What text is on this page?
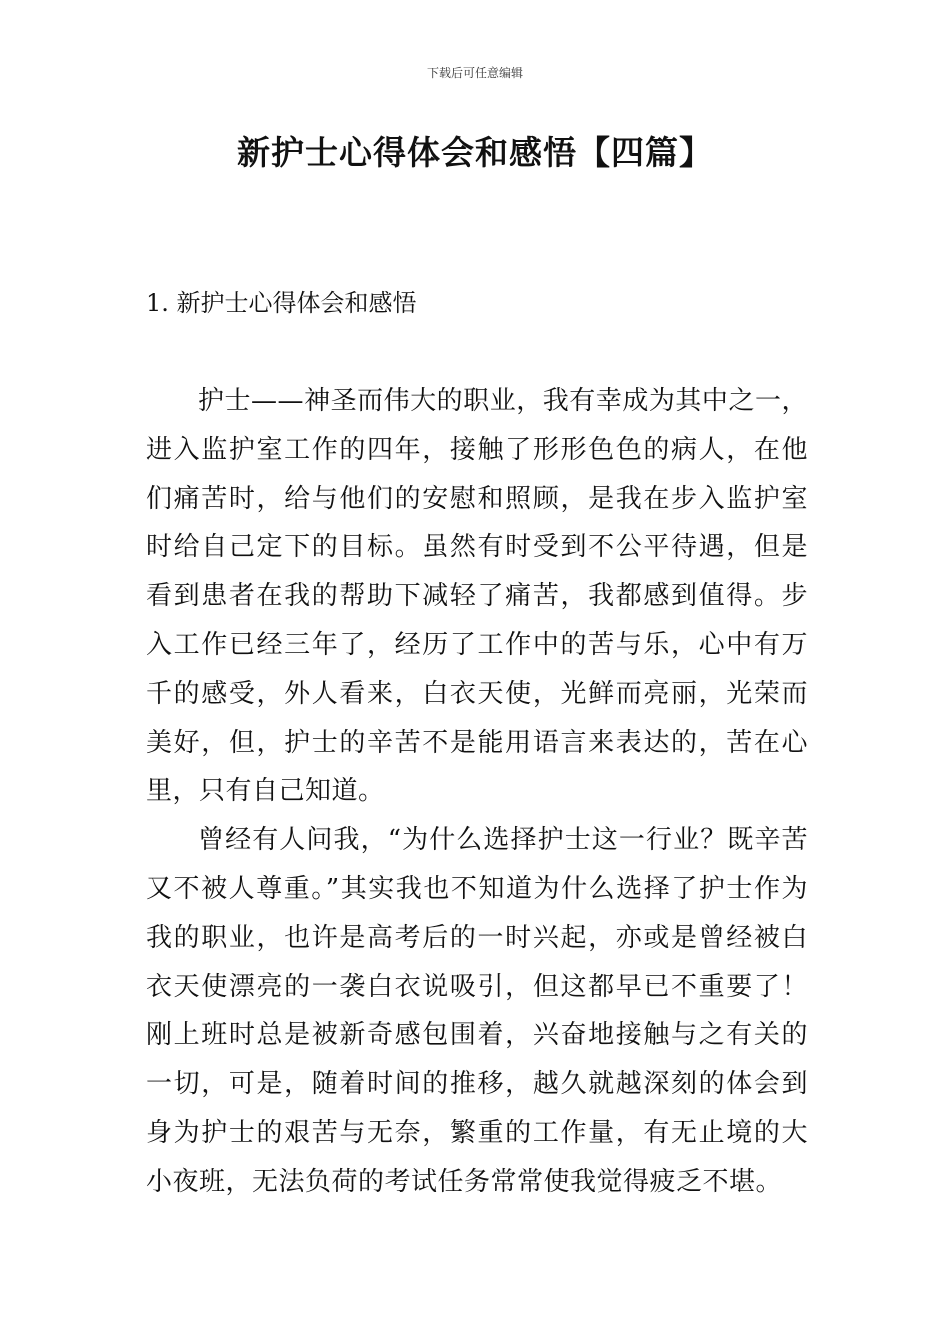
下载后可任意编辑
新护士心得体会和感悟【四篇】
1. 新护士心得体会和感悟

护士——神圣而伟大的职业，我有幸成为其中之一，进入监护室工作的四年，接触了形形色色的病人，在他们痛苦时，给与他们的安慰和照顾，是我在步入监护室时给自己定下的目标。虽然有时受到不公平待遇，但是看到患者在我的帮助下减轻了痛苦，我都感到值得。步入工作已经三年了，经历了工作中的苦与乐，心中有万千的感受，外人看来，白衣天使，光鲜而亮丽，光荣而美好，但，护士的辛苦不是能用语言来表达的，苦在心里，只有自己知道。

曾经有人问我，“为什么选择护士这一行业？既辛苦又不被人尊重。”其实我也不知道为什么选择了护士作为我的职业，也许是高考后的一时兴起，亦或是曾经被白衣天使漂亮的一袭白衣说吸引，但这都早已不重要了！刚上班时总是被新奇感包围着，兴奋地接触与之有关的一切，可是，随着时间的推移，越久就越深刻的体会到身为护士的艰苦与无奈，繁重的工作量，有无止境的大小夜班，无法负荷的考试任务常常使我觉得疲乏不堪。
